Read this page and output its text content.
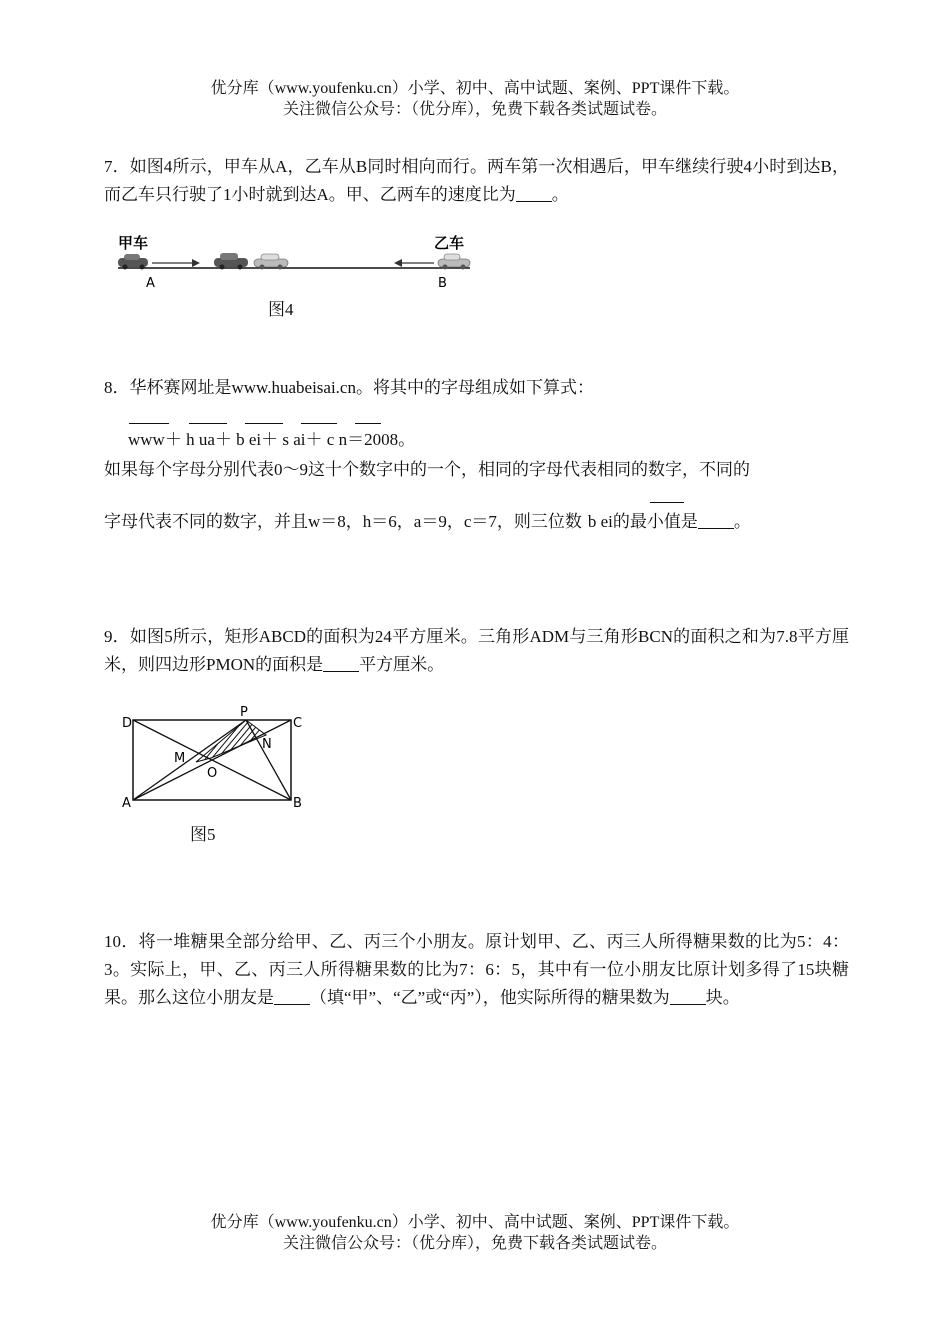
优分库（www.youfenku.cn）小学、初中、高中试题、案例、PPT课件下载。
关注微信公众号：（优分库），免费下载各类试题试卷。
7．如图4所示，甲车从A，乙车从B同时相向而行。两车第一次相遇后，甲车继续行驶4小时到达B，而乙车只行驶了1小时就到达A。甲、乙两车的速度比为 。
甲车	乙车
A	B
图4
8．华杯赛网址是www.huabeisai.cn。将其中的字母组成如下算式：
www＋ h ua＋ b ei＋ s ai＋ c n＝2008。
如果每个字母分别代表0～9这十个数字中的一个，相同的字母代表相同的数字，不同的
字母代表不同的数字，并且w＝8，h＝6，a＝9，c＝7，则三位数 b ei的最小值是 。
9．如图5所示，矩形ABCD的面积为24平方厘米。三角形ADM与三角形BCN的面积之和为7.8平方厘米，则四边形PMON的面积是 平方厘米。
D
P
C
M
N
O
A	B
图5
10．将一堆糖果全部分给甲、乙、丙三个小朋友。原计划甲、乙、丙三人所得糖果数的比为5：4：3。实际上，甲、乙、丙三人所得糖果数的比为7：6：5，其中有一位小朋友比原计划多得了15块糖果。那么这位小朋友是 （填“甲”、“乙”或“丙”），他实际所得的糖果数为 块。
优分库（www.youfenku.cn）小学、初中、高中试题、案例、PPT课件下载。
关注微信公众号：（优分库），免费下载各类试题试卷。
